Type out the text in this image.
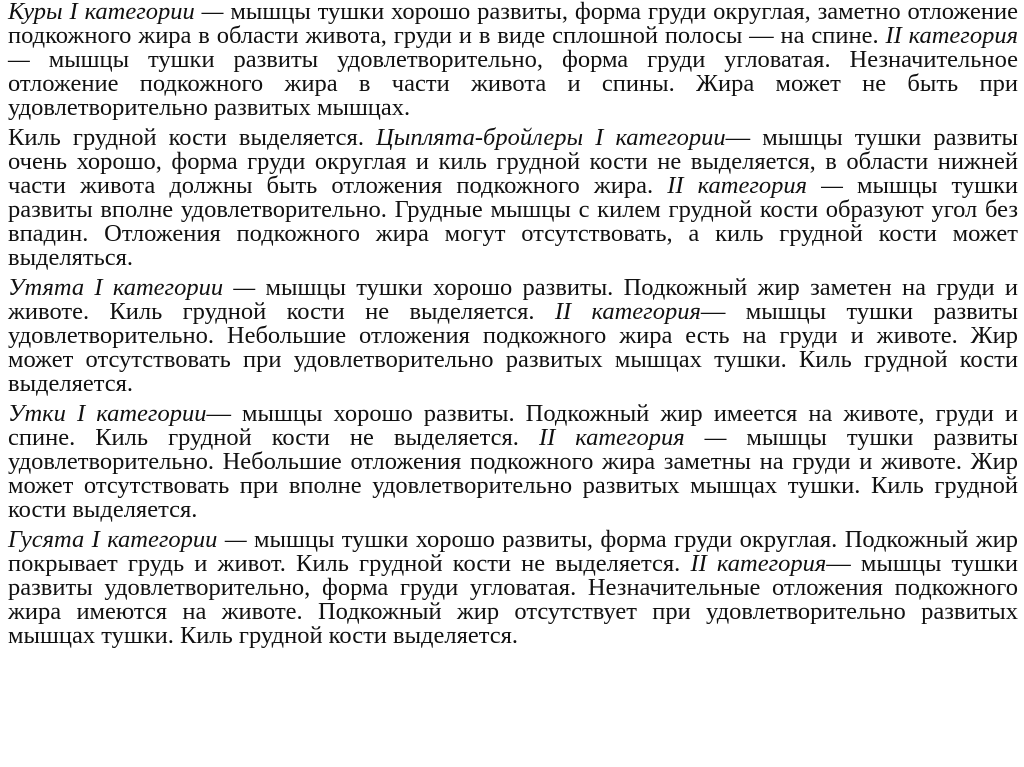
Куры I категории — мышцы тушки хорошо развиты, форма груди округлая, заметно отложение подкожного жира в области живота, груди и в виде сплошной полосы — на спине. II категория — мышцы тушки развиты удовлетворительно, форма груди угловатая. Незначительное отложение подкожного жира в части живота и спины. Жира может не быть при удовлетворительно развитых мышцах.

Киль грудной кости выделяется. Цыплята-бройлеры I категории— мышцы тушки развиты очень хорошо, форма груди округлая и киль грудной кости не выделяется, в области нижней части живота должны быть отложения подкожного жира. II категория — мышцы тушки развиты вполне удовлетворительно. Грудные мышцы с килем грудной кости образуют угол без впадин. Отложения подкожного жира могут отсутствовать, а киль грудной кости может выделяться.

Утята I категории — мышцы тушки хорошо развиты. Подкожный жир заметен на груди и животе. Киль грудной кости не выделяется. II категория— мышцы тушки развиты удовлетворительно. Небольшие отложения подкожного жира есть на груди и животе. Жир может отсутствовать при удовлетворительно развитых мышцах тушки. Киль грудной кости выделяется.

Утки I категории— мышцы хорошо развиты. Подкожный жир имеется на животе, груди и спине. Киль грудной кости не выделяется. II категория — мышцы тушки развиты удовлетворительно. Небольшие отложения подкожного жира заметны на груди и животе. Жир может отсутствовать при вполне удовлетворительно развитых мышцах тушки. Киль грудной кости выделяется.

Гусята I категории — мышцы тушки хорошо развиты, форма груди округлая. Подкожный жир покрывает грудь и живот. Киль грудной кости не выделяется. II категория— мышцы тушки развиты удовлетворительно, форма груди угловатая. Незначительные отложения подкожного жира имеются на животе. Подкожный жир отсутствует при удовлетворительно развитых мышцах тушки. Киль грудной кости выделяется.
